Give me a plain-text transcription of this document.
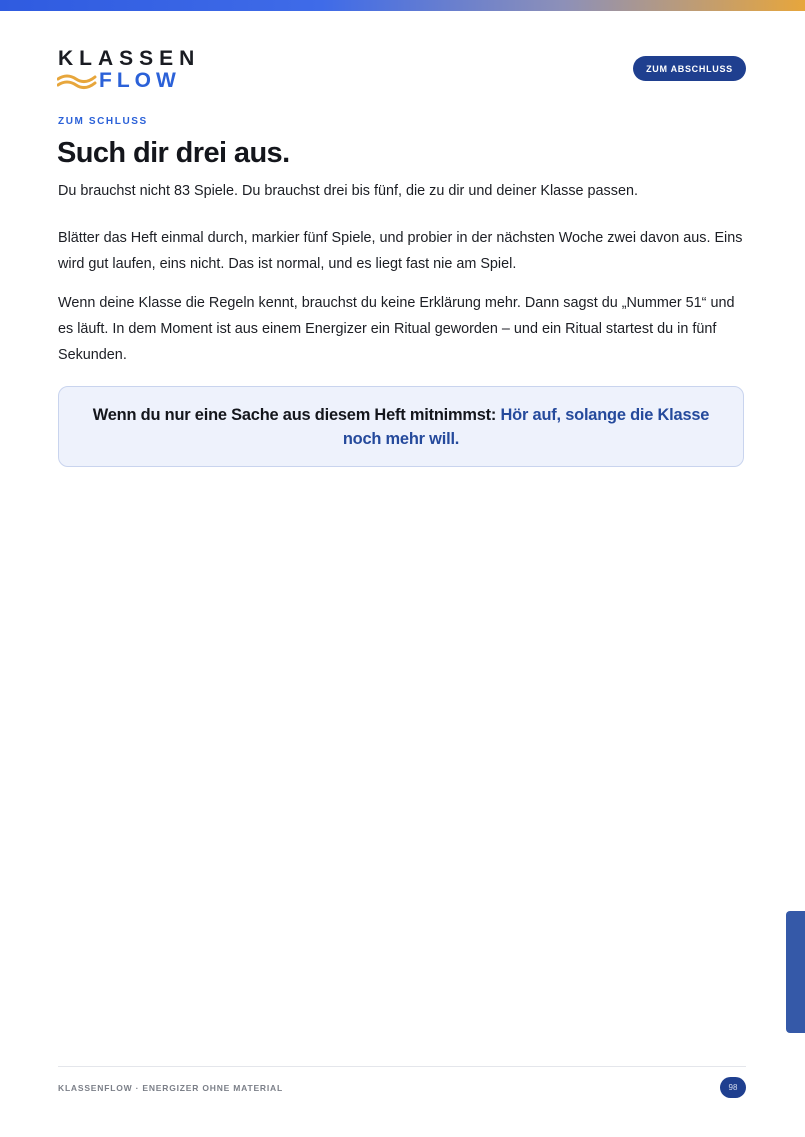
KLASSEN
FLOW
ZUM ABSCHLUSS
ZUM SCHLUSS
Such dir drei aus.

Du brauchst nicht 83 Spiele. Du brauchst drei bis fünf, die zu dir und deiner Klasse passen.

Blätter das Heft einmal durch, markier fünf Spiele, und probier in der nächsten Woche zwei davon aus. Eins wird gut laufen, eins nicht. Das ist normal, und es liegt fast nie am Spiel.

Wenn deine Klasse die Regeln kennt, brauchst du keine Erklärung mehr. Dann sagst du „Nummer 51“ und es läuft. In dem Moment ist aus einem Energizer ein Ritual geworden – und ein Ritual startest du in fünf Sekunden.

Wenn du nur eine Sache aus diesem Heft mitnimmst: Hör auf, solange die Klasse noch mehr will.
KLASSENFLOW · ENERGIZER OHNE MATERIAL	98
